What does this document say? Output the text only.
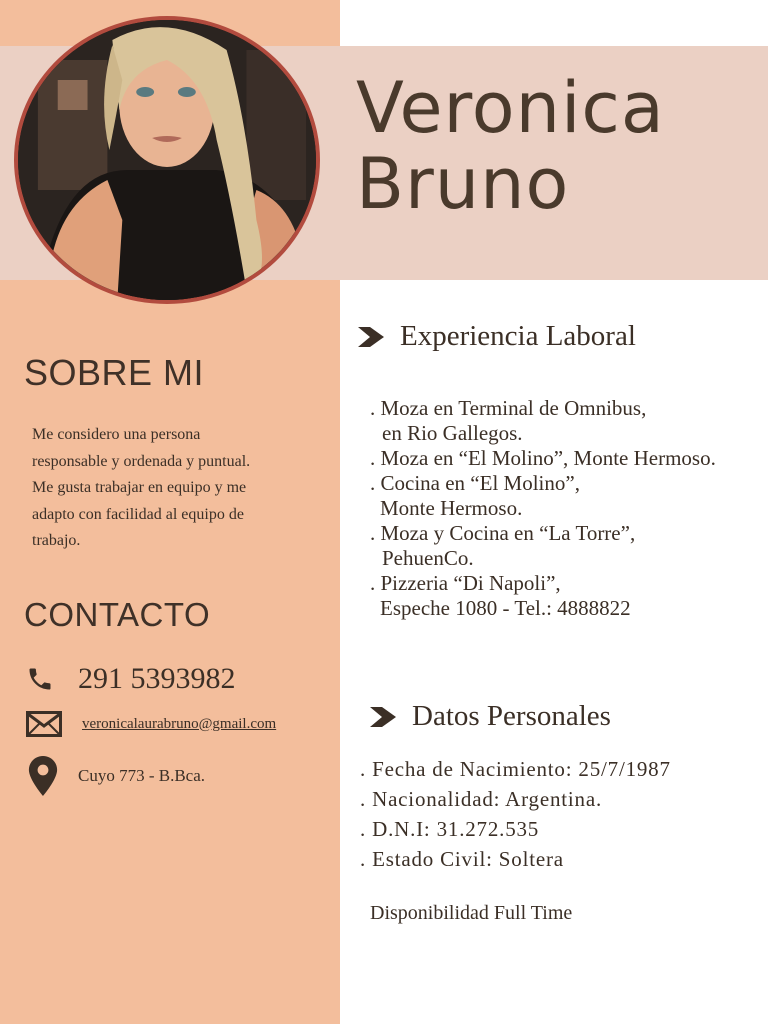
Veronica
Bruno
SOBRE MI
Me considero una persona
responsable y ordenada y puntual.
Me gusta trabajar en equipo y me
adapto con facilidad al equipo de
trabajo.
CONTACTO
291 5393982
veronicalaurabruno@gmail.com
Cuyo 773 - B.Bca.
Experiencia Laboral
. Moza en Terminal de Omnibus,
en Rio Gallegos.
. Moza en “El Molino”, Monte Hermoso.
. Cocina en “El Molino”,
Monte Hermoso.
. Moza y Cocina en “La Torre”,
PehuenCo.
. Pizzeria “Di Napoli”,
Espeche 1080 - Tel.: 4888822
Datos Personales
. Fecha de Nacimiento: 25/7/1987
. Nacionalidad: Argentina.
. D.N.I: 31.272.535
. Estado Civil: Soltera
Disponibilidad Full Time
